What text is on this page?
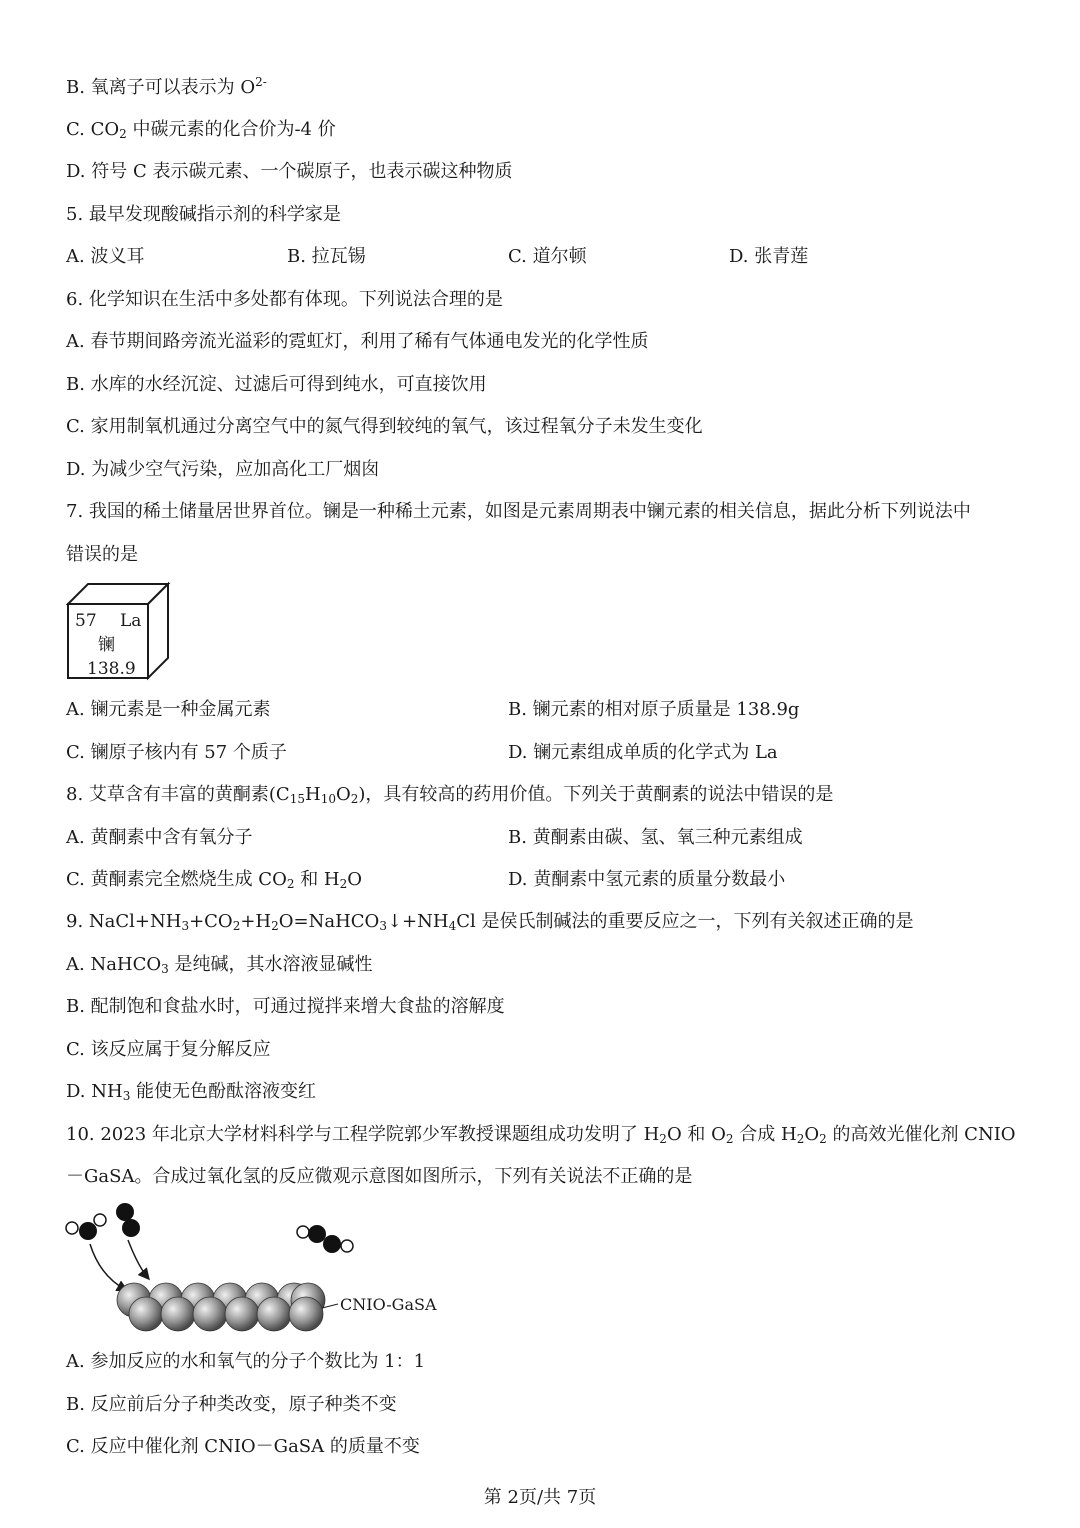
B. 氧离子可以表示为 $O^{2-}$
C. $CO_2$ 中碳元素的化合价为-4 价
D. 符号 C 表示碳元素、一个碳原子，也表示碳这种物质
5. 最早发现酸碱指示剂的科学家是
A. 波义耳	B. 拉瓦锡	C. 道尔顿	D. 张青莲
6. 化学知识在生活中多处都有体现。下列说法合理的是
A. 春节期间路旁流光溢彩的霓虹灯，利用了稀有气体通电发光的化学性质
B. 水库的水经沉淀、过滤后可得到纯水，可直接饮用
C. 家用制氧机通过分离空气中的氮气得到较纯的氧气，该过程氧分子未发生变化
D. 为减少空气污染，应加高化工厂烟囱
7. 我国的稀土储量居世界首位。镧是一种稀土元素，如图是元素周期表中镧元素的相关信息，据此分析下列说法中
错误的是
57 La
镧
138.9
A. 镧元素是一种金属元素	B. 镧元素的相对原子质量是 138.9g
C. 镧原子核内有 57 个质子	D. 镧元素组成单质的化学式为 La
8. 艾草含有丰富的黄酮素$(C_{15}H_{10}O_2)$，具有较高的药用价值。下列关于黄酮素的说法中错误的是
A. 黄酮素中含有氧分子	B. 黄酮素由碳、氢、氧三种元素组成
C. 黄酮素完全燃烧生成 $CO_2$ 和 $H_2O$	D. 黄酮素中氢元素的质量分数最小
9. $NaCl+NH_3+CO_2+H_2O=NaHCO_3↓+NH_4Cl$ 是侯氏制碱法的重要反应之一，下列有关叙述正确的是
A. NaHCO$_3$ 是纯碱，其水溶液显碱性
B. 配制饱和食盐水时，可通过搅拌来增大食盐的溶解度
C. 该反应属于复分解反应
D. $NH_3$ 能使无色酚酞溶液变红
10. 2023 年北京大学材料科学与工程学院郭少军教授课题组成功发明了 $H_2O$ 和 $O_2$ 合成 $H_2O_2$ 的高效光催化剂 CNIO
－GaSA。合成过氧化氢的反应微观示意图如图所示，下列有关说法不正确的是
CNIO-GaSA
A. 参加反应的水和氧气的分子个数比为 1：1
B. 反应前后分子种类改变，原子种类不变
C. 反应中催化剂 CNIO－GaSA 的质量不变
第 2页/共 7页
